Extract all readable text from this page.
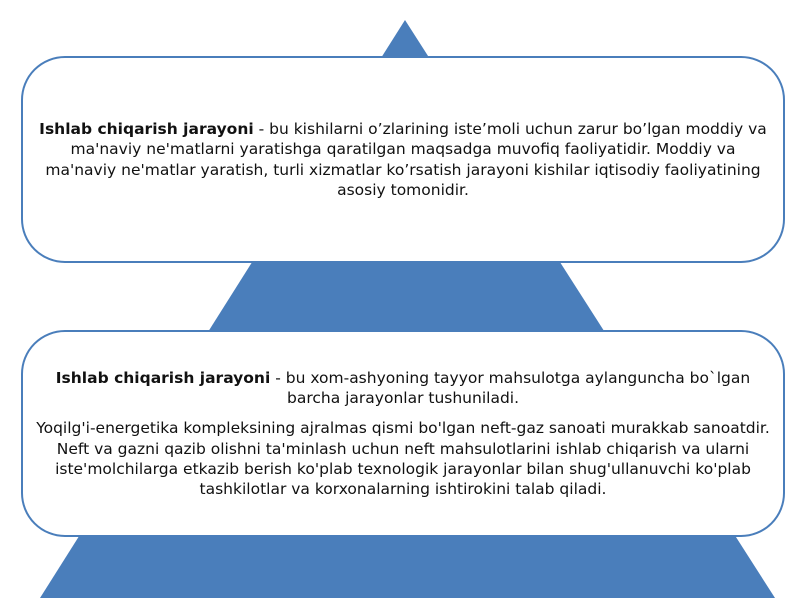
Ishlab chiqarish jarayoni - bu kishilarni o’zlarining iste’moli uchun zarur bo’lgan moddiy va ma'naviy ne'matlarni yaratishga qaratilgan maqsadga muvofiq faoliyatidir. Moddiy va ma'naviy ne'matlar yaratish, turli xizmatlar ko’rsatish jarayoni kishilar iqtisodiy faoliyatining asosiy tomonidir.

Ishlab chiqarish jarayoni - bu xom-ashyoning tayyor mahsulotga aylanguncha bo`lgan barcha jarayonlar tushuniladi.

Yoqilg'i-energetika kompleksining ajralmas qismi bo'lgan neft-gaz sanoati murakkab sanoatdir. Neft va gazni qazib olishni ta'minlash uchun neft mahsulotlarini ishlab chiqarish va ularni iste'molchilarga etkazib berish ko'plab texnologik jarayonlar bilan shug'ullanuvchi ko'plab tashkilotlar va korxonalarning ishtirokini talab qiladi.
